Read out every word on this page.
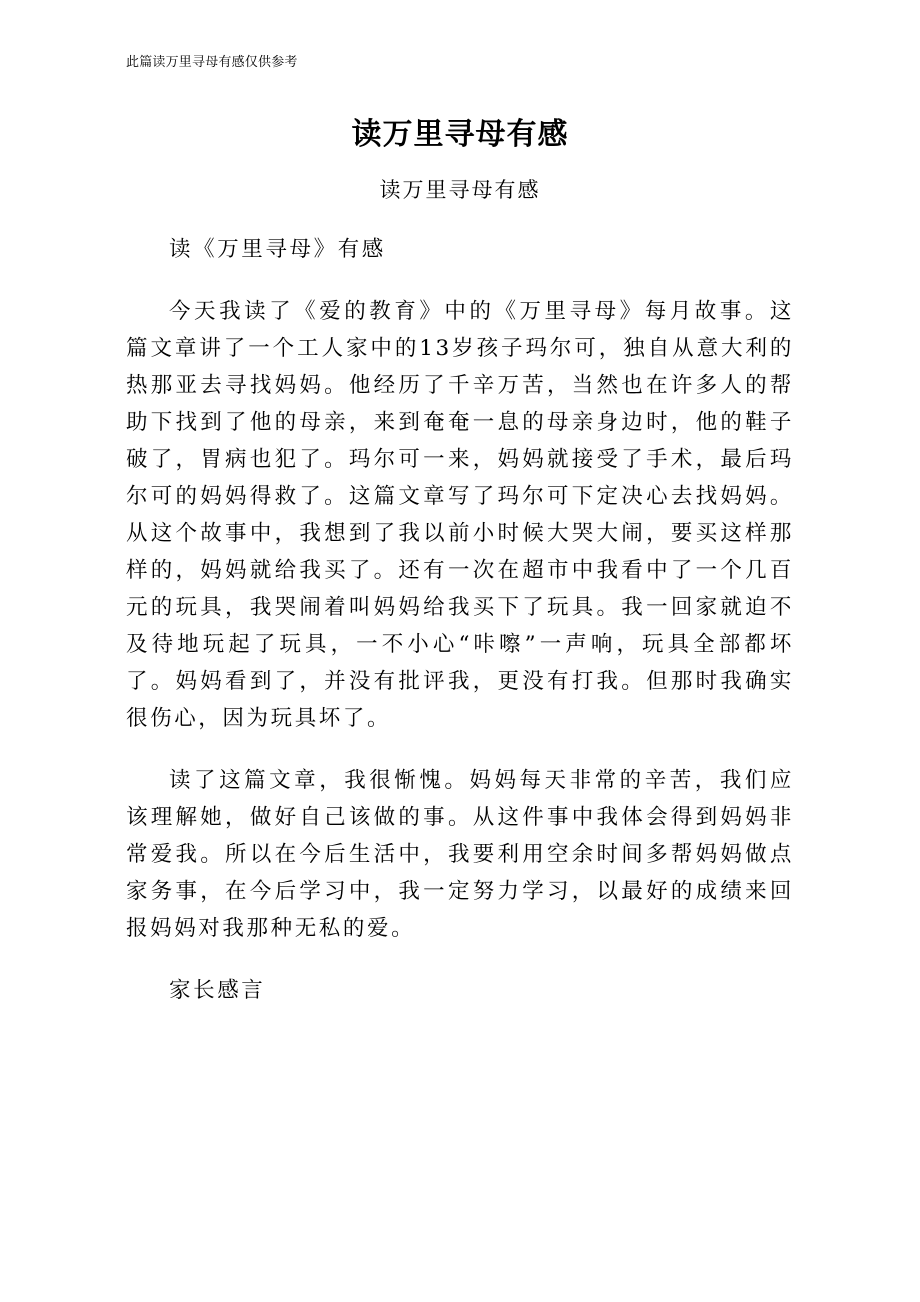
此篇读万里寻母有感仅供参考
读万里寻母有感
读万里寻母有感

读《万里寻母》有感

今天我读了《爱的教育》中的《万里寻母》每月故事。这篇文章讲了一个工人家中的13岁孩子玛尔可，独自从意大利的热那亚去寻找妈妈。他经历了千辛万苦，当然也在许多人的帮助下找到了他的母亲，来到奄奄一息的母亲身边时，他的鞋子破了，胃病也犯了。玛尔可一来，妈妈就接受了手术，最后玛尔可的妈妈得救了。这篇文章写了玛尔可下定决心去找妈妈。从这个故事中，我想到了我以前小时候大哭大闹，要买这样那样的，妈妈就给我买了。还有一次在超市中我看中了一个几百元的玩具，我哭闹着叫妈妈给我买下了玩具。我一回家就迫不及待地玩起了玩具，一不小心“咔嚓”一声响，玩具全部都坏了。妈妈看到了，并没有批评我，更没有打我。但那时我确实很伤心，因为玩具坏了。

读了这篇文章，我很惭愧。妈妈每天非常的辛苦，我们应该理解她，做好自己该做的事。从这件事中我体会得到妈妈非常爱我。所以在今后生活中，我要利用空余时间多帮妈妈做点家务事，在今后学习中，我一定努力学习，以最好的成绩来回报妈妈对我那种无私的爱。

家长感言
